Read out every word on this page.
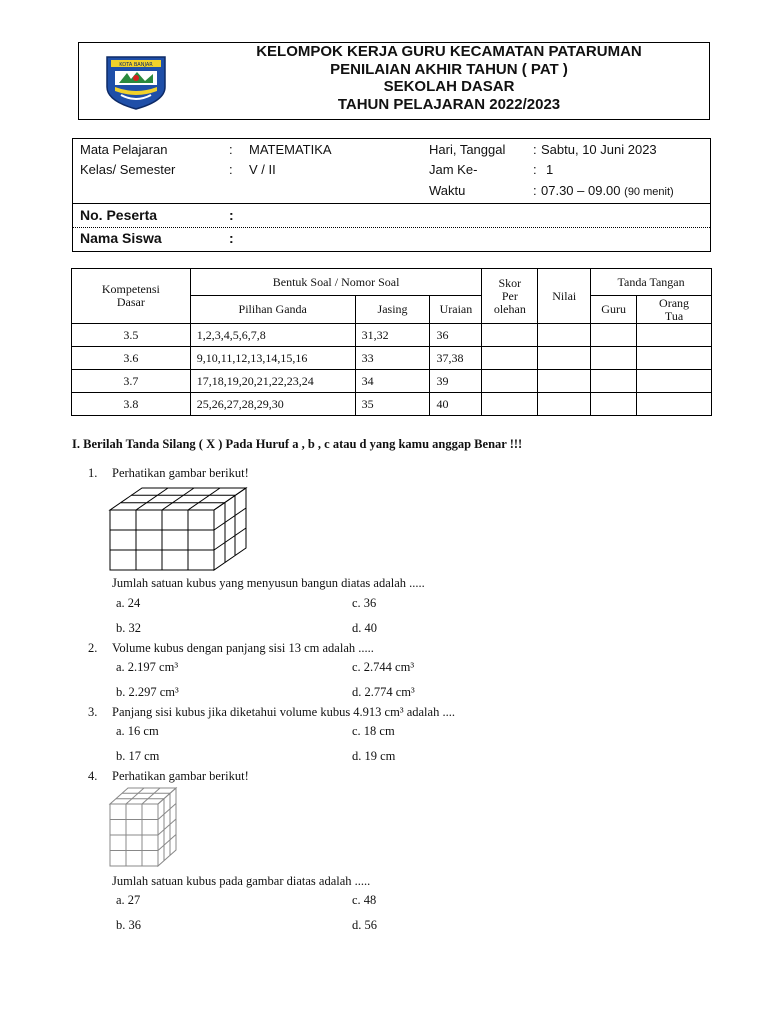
KOTA BANJAR
KELOMPOK KERJA GURU KECAMATAN PATARUMAN
PENILAIAN AKHIR TAHUN ( PAT )
SEKOLAH DASAR
TAHUN PELAJARAN 2022/2023
Mata Pelajaran	: MATEMATIKA	Hari, Tanggal : Sabtu, 10 Juni 2023
Kelas/ Semester	: V / II	Jam Ke-	: 1
Waktu	: 07.30 – 09.00 (90 menit)
No. Peserta	:
Nama Siswa	:
Kompetensi Dasar	Bentuk Soal / Nomor Soal			Skor Per olehan	Nilai	Tanda Tangan	
	Pilihan Ganda	Jasing	Uraian			Guru	Orang Tua
3.5	1,2,3,4,5,6,7,8	31,32	36				
3.6	9,10,11,12,13,14,15,16	33	37,38				
3.7	17,18,19,20,21,22,23,24	34	39				
3.8	25,26,27,28,29,30	35	40				
I. Berilah Tanda Silang ( X ) Pada Huruf a , b , c atau d yang kamu anggap Benar !!!
1. Perhatikan gambar berikut!
Jumlah satuan kubus yang menyusun bangun diatas adalah .....
a. 24	c. 36
b. 32	d. 40
2. Volume kubus dengan panjang sisi 13 cm adalah .....
a. 2.197 cm³	c. 2.744 cm³
b. 2.297 cm³	d. 2.774 cm³
3. Panjang sisi kubus jika diketahui volume kubus 4.913 cm³ adalah ....
a. 16 cm	c. 18 cm
b. 17 cm	d. 19 cm
4. Perhatikan gambar berikut!
Jumlah satuan kubus pada gambar diatas adalah .....
a. 27	c. 48
b. 36	d. 56
